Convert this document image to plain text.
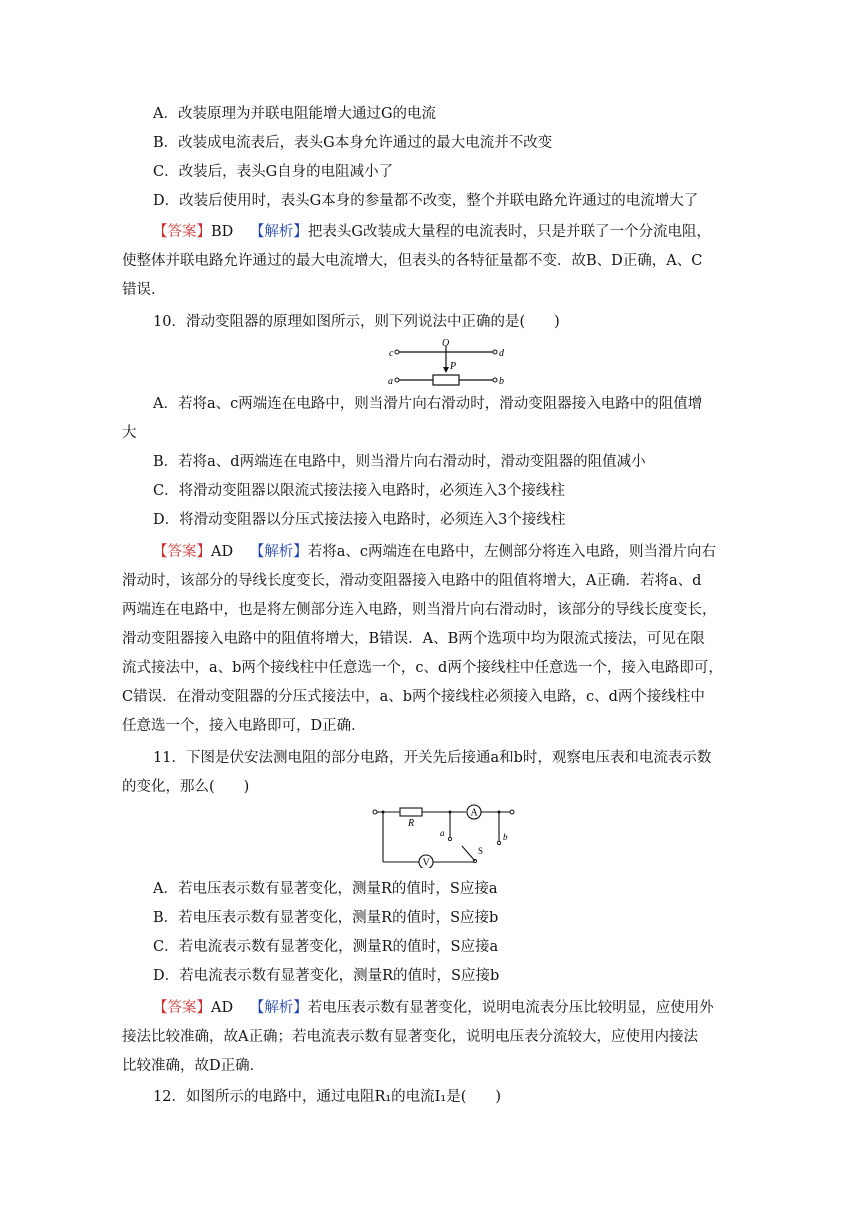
A．改装原理为并联电阻能增大通过G的电流
B．改装成电流表后，表头G本身允许通过的最大电流并不改变
C．改装后，表头G自身的电阻减小了
D．改装后使用时，表头G本身的参量都不改变，整个并联电路允许通过的电流增大了
【答案】BD 【解析】把表头G改装成大量程的电流表时，只是并联了一个分流电阻，
使整体并联电路允许通过的最大电流增大，但表头的各特征量都不变．故B、D正确，A、C
错误．
10．滑动变阻器的原理如图所示，则下列说法中正确的是(　　)
c	d
a	b
O
P
A．若将a、c两端连在电路中，则当滑片向右滑动时，滑动变阻器接入电路中的阻值增
大
B．若将a、d两端连在电路中，则当滑片向右滑动时，滑动变阻器的阻值减小
C．将滑动变阻器以限流式接法接入电路时，必须连入3个接线柱
D．将滑动变阻器以分压式接法接入电路时，必须连入3个接线柱
【答案】AD 【解析】若将a、c两端连在电路中，左侧部分将连入电路，则当滑片向右
滑动时，该部分的导线长度变长，滑动变阻器接入电路中的阻值将增大，A正确．若将a、d
两端连在电路中，也是将左侧部分连入电路，则当滑片向右滑动时，该部分的导线长度变长，
滑动变阻器接入电路中的阻值将增大，B错误．A、B两个选项中均为限流式接法，可见在限
流式接法中，a、b两个接线柱中任意选一个，c、d两个接线柱中任意选一个，接入电路即可，
C错误．在滑动变阻器的分压式接法中，a、b两个接线柱必须接入电路，c、d两个接线柱中
任意选一个，接入电路即可，D正确．
11．下图是伏安法测电阻的部分电路，开关先后接通a和b时，观察电压表和电流表示数
的变化，那么(　　)
A
V
R
a	b
S
A．若电压表示数有显著变化，测量R的值时，S应接a
B．若电压表示数有显著变化，测量R的值时，S应接b
C．若电流表示数有显著变化，测量R的值时，S应接a
D．若电流表示数有显著变化，测量R的值时，S应接b
【答案】AD 【解析】若电压表示数有显著变化，说明电流表分压比较明显，应使用外
接法比较准确，故A正确；若电流表示数有显著变化，说明电压表分流较大，应使用内接法
比较准确，故D正确．
12．如图所示的电路中，通过电阻R₁的电流I₁是(　　)
